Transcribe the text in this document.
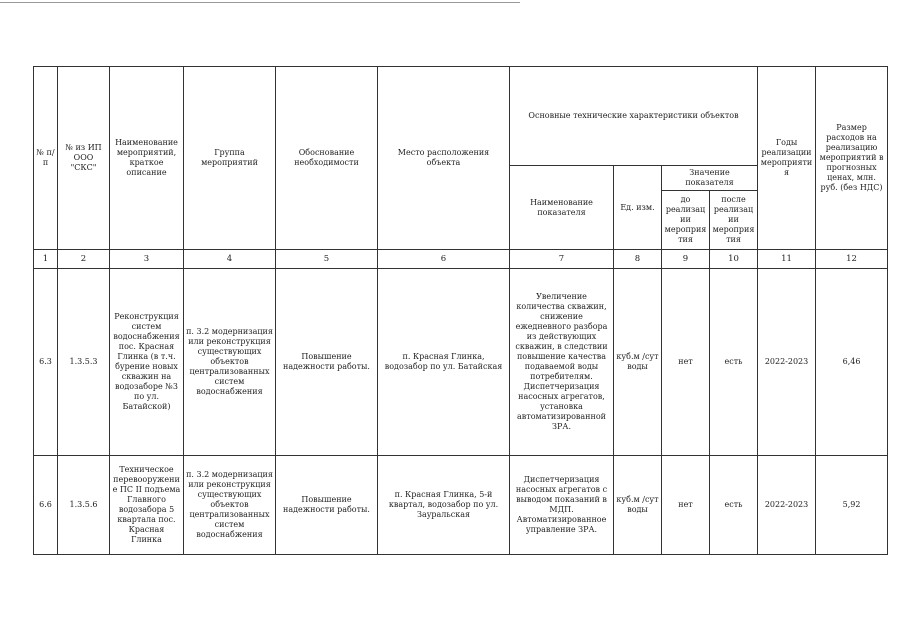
№ п/п	№ из ИП ООО "СКС"	Наименование мероприятий, краткое описание	Группа мероприятий	Обоснование необходимости	Место расположения объекта	Основные технические характеристики объектов				Годы реализации мероприятия	Размер расходов на реализацию мероприятий в прогнозных ценах, млн. руб. (без НДС)
						Наименование показателя	Ед. изм.	Значение показателя			
								до реализации мероприятия	после реализации мероприятия		
1	2	3	4	5	6	7	8	9	10	11	12
6.3	1.3.5.3	Реконструкция систем водоснабжения пос. Красная Глинка (в т.ч. бурение новых скважин на водозаборе №3 по ул. Батайской)	п. 3.2 модернизация или реконструкция существующих объектов централизованных систем водоснабжения	Повышение надежности работы.	п. Красная Глинка, водозабор по ул. Батайская	Увеличение количества скважин, снижение ежедневного разбора из действующих скважин, в следствии повышение качества подаваемой воды потребителям. Диспетчеризация насосных агрегатов, установка автоматизированной ЗРА.	куб.м /сут воды	нет	есть	2022-2023	6,46
6.6	1.3.5.6	Техническое перевооружение ПС II подъема Главного водозабора 5 квартала пос. Красная Глинка	п. 3.2 модернизация или реконструкция существующих объектов централизованных систем водоснабжения	Повышение надежности работы.	п. Красная Глинка, 5-й квартал, водозабор по ул. Зауральская	Диспетчеризация насосных агрегатов с выводом показаний в МДП. Автоматизированное управление ЗРА.	куб.м /сут воды	нет	есть	2022-2023	5,92
